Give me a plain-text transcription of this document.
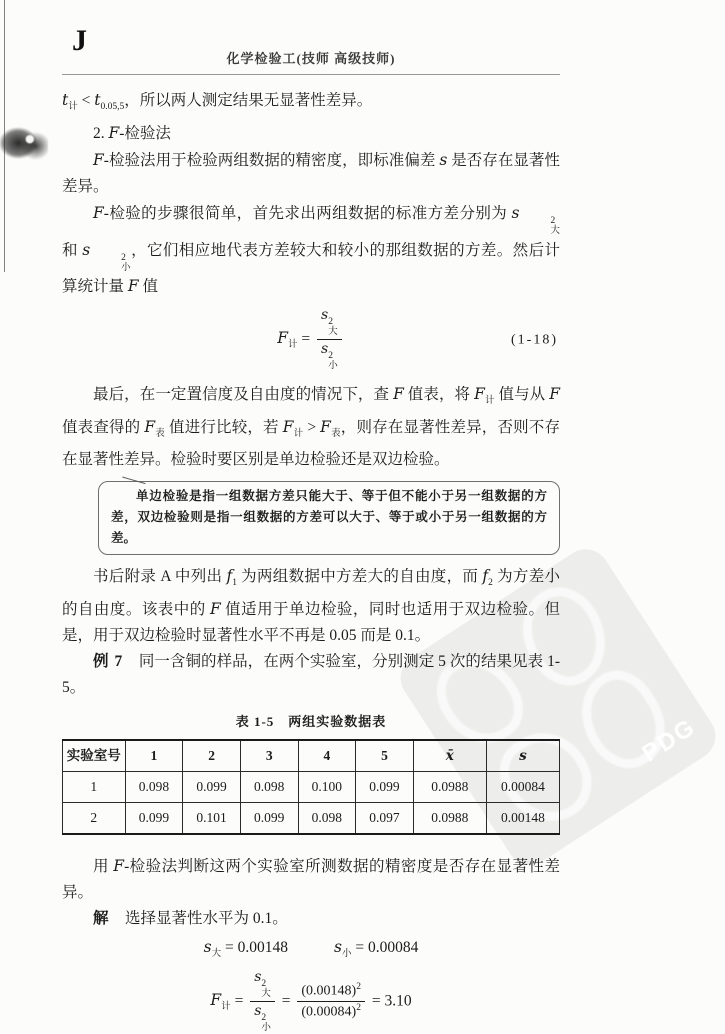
PDG
J
化学检验工(技师 高级技师)

$t_计 < t_{0.05,5}$，所以两人测定结果无显著性差异。

2. F-检验法

F-检验法用于检验两组数据的精密度，即标准偏差 s 是否存在显著性差异。

F-检验的步骤很简单，首先求出两组数据的标准方差分别为 s	2
大
和 s	2
小
，它们相应地代表方差较大和较小的那组数据的方差。然后计算统计量 F 值

$F_计 = s$ 2
大
s 2
小	(1-18)

最后，在一定置信度及自由度的情况下，查 F 值表，将 $F_计$ 值与从 F 值表查得的 $F_表$ 值进行比较，若 $F_计 > F_表$，则存在显著性差异，否则不存在显著性差异。检验时要区别是单边检验还是双边检验。

单边检验是指一组数据方差只能大于、等于但不能小于另一组数据的方差，双边检验则是指一组数据的方差可以大于、等于或小于另一组数据的方差。

书后附录 A 中列出 $f_1$ 为两组数据中方差大的自由度，而 $f_2$ 为方差小的自由度。该表中的 F 值适用于单边检验，同时也适用于双边检验。但是，用于双边检验时显著性水平不再是 0.05 而是 0.1。

例 7　同一含铜的样品，在两个实验室，分别测定 5 次的结果见表 1-5。

表 1-5　两组实验数据表
实验室号	1	2	3	4	5	x̄	s
1	0.098	0.099	0.098	0.100	0.099	0.0988	0.00084
2	0.099	0.101	0.099	0.098	0.097	0.0988	0.00148

用 F-检验法判断这两个实验室所测数据的精密度是否存在显著性差异。

解　选择显著性水平为 0.1。

$s_大 = 0.00148$	$s_小 = 0.00084$
$F_计 = s$ 2
大
s 2
小 = $\frac{(0.00148)^2}{(0.00084)^2} = 3.10$
